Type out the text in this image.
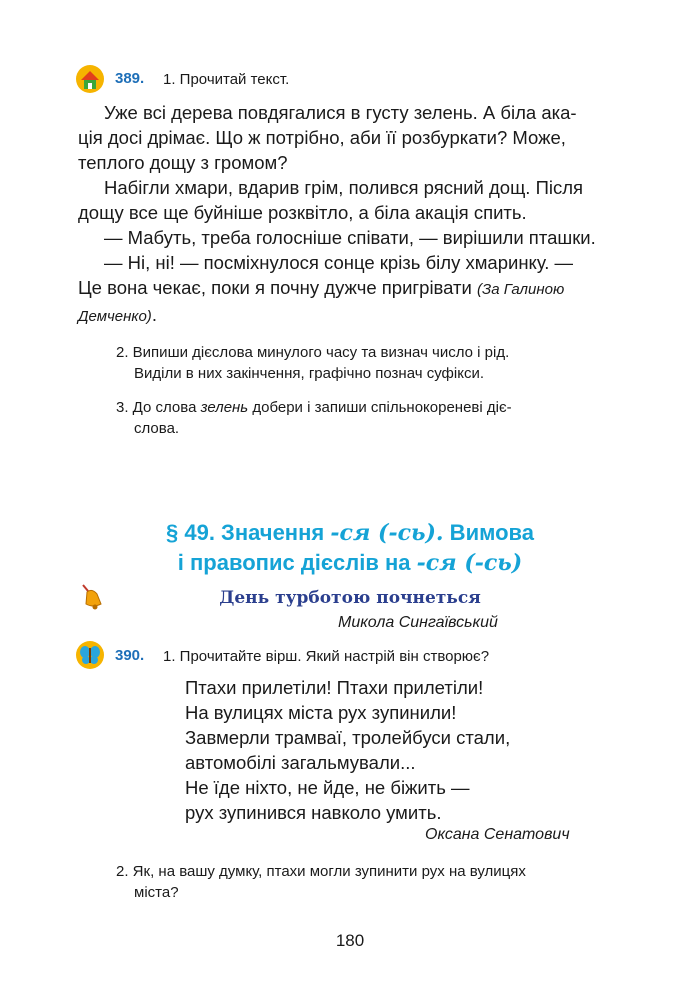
389. 1. Прочитай текст.

Уже всі дерева повдягалися в густу зелень. А біла ака-

ція досі дрімає. Що ж потрібно, аби її розбуркати? Може,

теплого дощу з громом?

Набігли хмари, вдарив грім, полився рясний дощ. Після

дощу все ще буйніше розквітло, а біла акація спить.

— Мабуть, треба голосніше співати, — вирішили пташки.

— Ні, ні! — посміхнулося сонце крізь білу хмаринку. —

Це вона чекає, поки я почну дужче пригрівати (За Галиною

Демченко).

2. Випиши дієслова минулого часу та визнач число і рід.
Виділи в них закінчення, графічно познач суфікси.
3. До слова зелень добери і запиши спільнокореневі діє-
слова.
§ 49. Значення -ся (-сь). Вимова
і правопис дієслів на -ся (-сь)
День турботою почнеться
Микола Сингаївський
390. 1. Прочитайте вірш. Який настрій він створює?
Птахи прилетіли! Птахи прилетіли!
На вулицях міста рух зупинили!
Завмерли трамваї, тролейбуси стали,
автомобілі загальмували...
Не їде ніхто, не йде, не біжить —
рух зупинився навколо умить.
Оксана Сенатович
2. Як, на вашу думку, птахи могли зупинити рух на вулицях
міста?
180
